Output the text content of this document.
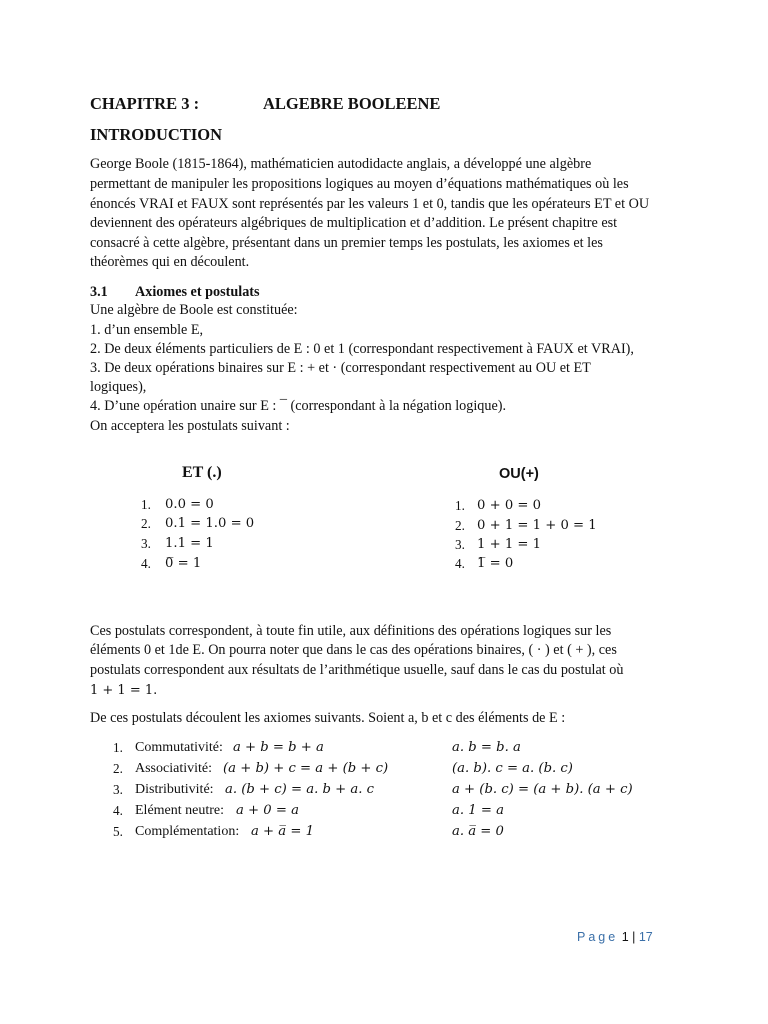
CHAPITRE 3 :	ALGEBRE BOOLEENE
INTRODUCTION
George Boole (1815-1864), mathématicien autodidacte anglais, a développé une algèbre
permettant de manipuler les propositions logiques au moyen d’équations mathématiques où les
énoncés VRAI et FAUX sont représentés par les valeurs 1 et 0, tandis que les opérateurs ET et OU
deviennent des opérateurs algébriques de multiplication et d’addition. Le présent chapitre est
consacré à cette algèbre, présentant dans un premier temps les postulats, les axiomes et les
théorèmes qui en découlent.
3.1 Axiomes et postulats
Une algèbre de Boole est constituée:
1. d’un ensemble E,
2. De deux éléments particuliers de E : 0 et 1 (correspondant respectivement à FAUX et VRAI),
3. De deux opérations binaires sur E : + et · (correspondant respectivement au OU et ET
logiques),
4. D’une opération unaire sur E : ¯ (correspondant à la négation logique).
On acceptera les postulats suivant :
ET (.)
1. 0.0 = 0
2. 0.1 = 1.0 = 0
3. 1.1 = 1
4. 0̅ = 1
OU(+)
1. 0 + 0 = 0
2. 0 + 1 = 1 + 0 = 1
3. 1 + 1 = 1
4. 1̅ = 0
Ces postulats correspondent, à toute fin utile, aux définitions des opérations logiques sur les
éléments 0 et 1de E. On pourra noter que dans le cas des opérations binaires, ( · ) et ( + ), ces
postulats correspondent aux résultats de l’arithmétique usuelle, sauf dans le cas du postulat où
1 + 1 = 1.
De ces postulats découlent les axiomes suivants. Soient a, b et c des éléments de E :
1. Commutativité: a + b = b + a	a. b = b. a
2. Associativité: (a + b) + c = a + (b + c)	(a. b). c = a. (b. c)
3. Distributivité: a. (b + c) = a. b + a. c	a + (b. c) = (a + b). (a + c)
4. Elément neutre: a + 0 = a	a. 1 = a
5. Complémentation: a + a̅ = 1	a. a̅ = 0
Page 1 | 17
